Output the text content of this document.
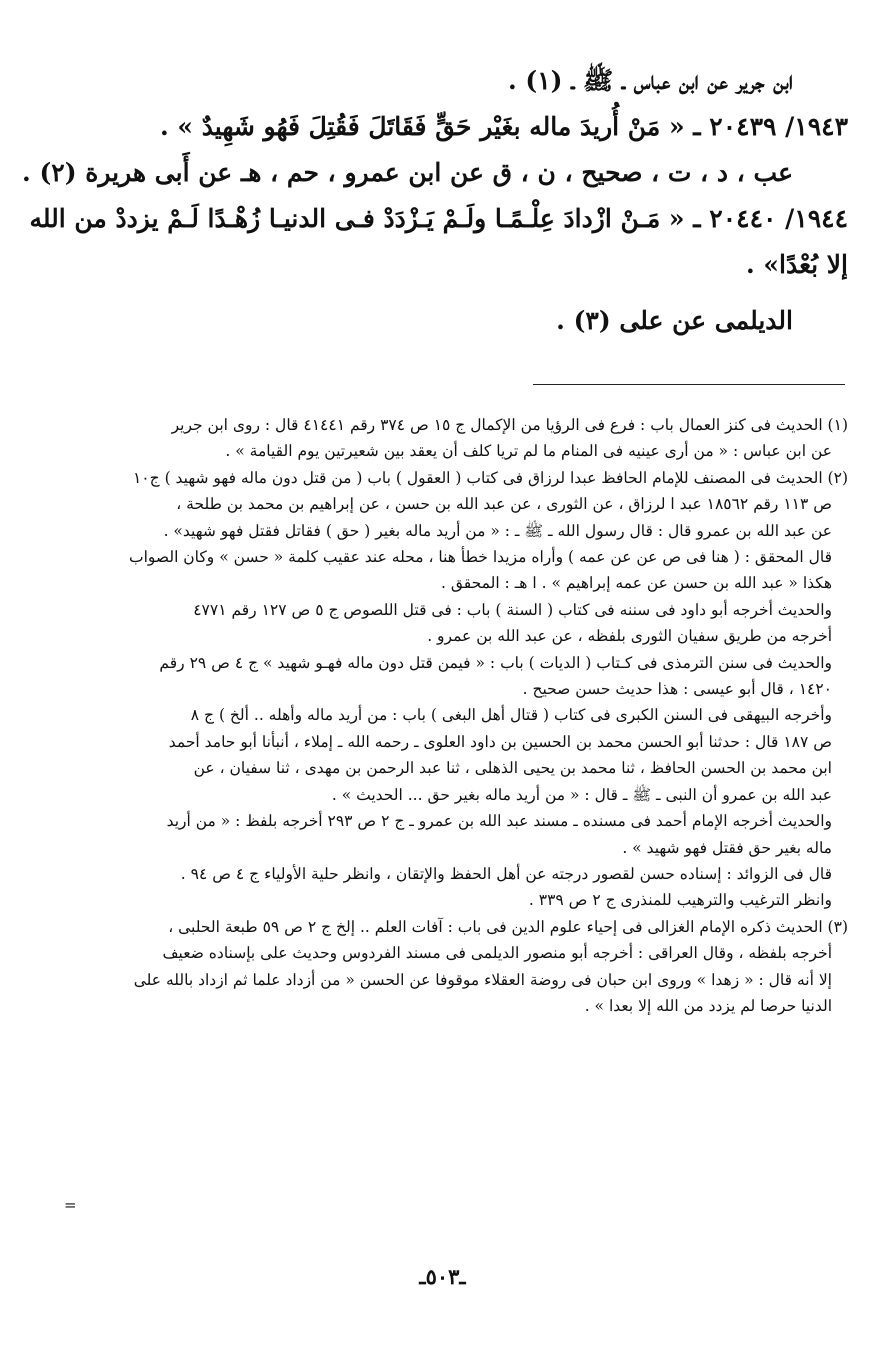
ابن جرير عن ابن عباس ـ ﷺ ـ (١) .
١٩٤٣/ ٢٠٤٣٩ ـ « مَنْ أُريدَ ماله بغَيْر حَقٍّ فَقَاتَلَ فَقُتِلَ فَهُو شَهِيدٌ » .
عب ، د ، ت ، صحيح ، ن ، ق عن ابن عمرو ، حم ، هـ عن أَبى هريرة (٢) .
١٩٤٤/ ٢٠٤٤٠ ـ « مَـنْ ازْدادَ عِلْـمًـا ولَـمْ يَـزْدَدْ فـى الدنيـا زُهْـدًا لَـمْ يزددْ من الله
إلا بُعْدًا» .
الديلمى عن على (٣) .
(١) الحديث فى كنز العمال باب : فرع فى الرؤيا من الإكمال ج ١٥ ص ٣٧٤ رقم ٤١٤٤١ قال : روى ابن جرير
عن ابن عباس : « من أرى عينيه فى المنام ما لم تريا كلف أن يعقد بين شعيرتين يوم القيامة » .
(٢) الحديث فى المصنف للإمام الحافظ عبدا لرزاق فى كتاب ( العقول ) باب ( من قتل دون ماله فهو شهيد ) ج١٠
ص ١١٣ رقم ١٨٥٦٢ عبد ا لرزاق ، عن الثورى ، عن عبد الله بن حسن ، عن إبراهيم بن محمد بن طلحة ،
عن عبد الله بن عمرو قال : قال رسول الله ـ ﷺ ـ : « من أريد ماله بغير ( حق ) فقاتل فقتل فهو شهيد» .
قال المحقق : ( هنا فى ص عن عن عمه ) وأراه مزيدا خطأ هنا ، محله عند عقيب كلمة « حسن » وكان الصواب
هكذا « عبد الله بن حسن عن عمه إبراهيم » . ا هـ : المحقق .
والحديث أخرجه أبو داود فى سننه فى كتاب ( السنة ) باب : فى قتل اللصوص ج ٥ ص ١٢٧ رقم ٤٧٧١
أخرجه من طريق سفيان الثورى بلفظه ، عن عبد الله بن عمرو .
والحديث فى سنن الترمذى فى كـتاب ( الديات ) باب : « فيمن قتل دون ماله فهـو شهيد » ج ٤ ص ٢٩ رقم
١٤٢٠ ، قال أبو عيسى : هذا حديث حسن صحيح .
وأخرجه البيهقى فى السنن الكبرى فى كتاب ( قتال أهل البغى ) باب : من أريد ماله وأهله .. ألخ ) ج ٨
ص ١٨٧ قال : حدثنا أبو الحسن محمد بن الحسين بن داود العلوى ـ رحمه الله ـ إملاء ، أنبأنا أبو حامد أحمد
ابن محمد بن الحسن الحافظ ، ثنا محمد بن يحيى الذهلى ، ثنا عبد الرحمن بن مهدى ، ثنا سفيان ، عن
عبد الله بن عمرو أن النبى ـ ﷺ ـ قال : « من أريد ماله بغير حق ... الحديث » .
والحديث أخرجه الإمام أحمد فى مسنده ـ مسند عبد الله بن عمرو ـ ج ٢ ص ٢٩٣ أخرجه بلفظ : « من أريد
ماله بغير حق فقتل فهو شهيد » .
قال فى الزوائد : إسناده حسن لقصور درجته عن أهل الحفظ والإتقان ، وانظر حلية الأولياء ج ٤ ص ٩٤ .
وانظر الترغيب والترهيب للمنذرى ج ٢ ص ٣٣٩ .
(٣) الحديث ذكره الإمام الغزالى فى إحياء علوم الدين فى باب : آفات العلم .. إلخ ج ٢ ص ٥٩ طبعة الحلبى ،
أخرجه بلفظه ، وقال العراقى : أخرجه أبو منصور الديلمى فى مسند الفردوس وحديث على بإسناده ضعيف
إلا أنه قال : « زهدا » وروى ابن حبان فى روضة العقلاء موقوفا عن الحسن « من أزداد علما ثم ازداد بالله على
الدنيا حرصا لم يزدد من الله إلا بعدا » .
=
ـ٥٠٣ـ
